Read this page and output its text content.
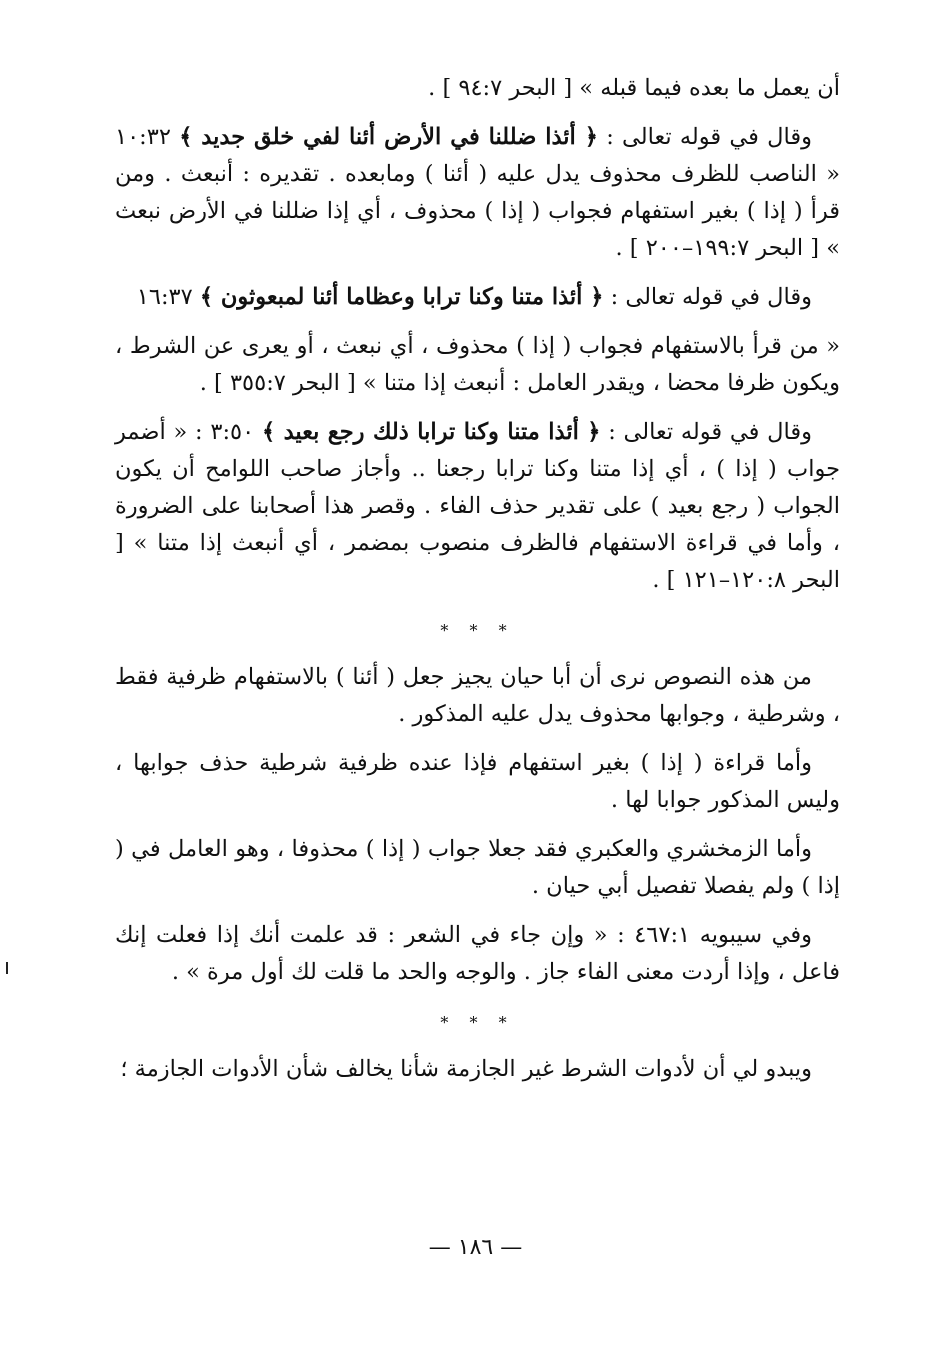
أن يعمل ما بعده فيما قبله » [ البحر ٩٤:٧ ] .

وقال في قوله تعالى : ﴿ أئذا ضللنا في الأرض أئنا لفي خلق جديد ﴾ ١٠:٣٢ « الناصب للظرف محذوف يدل عليه ( أئنا ) ومابعده . تقديره : أنبعث . ومن قرأ ( إذا ) بغير استفهام فجواب ( إذا ) محذوف ، أي إذا ضللنا في الأرض نبعث » [ البحر ١٩٩:٧–٢٠٠ ] .

وقال في قوله تعالى : ﴿ أئذا متنا وكنا ترابا وعظاما أئنا لمبعوثون ﴾ ١٦:٣٧

« من قرأ بالاستفهام فجواب ( إذا ) محذوف ، أي نبعث ، أو يعرى عن الشرط ، ويكون ظرفا محضا ، ويقدر العامل : أنبعث إذا متنا » [ البحر ٣٥٥:٧ ] .

وقال في قوله تعالى : ﴿ أئذا متنا وكنا ترابا ذلك رجع بعيد ﴾ ٣:٥٠ : « أضمر جواب ( إذا ) ، أي إذا متنا وكنا ترابا رجعنا .. وأجاز صاحب اللوامح أن يكون الجواب ( رجع بعيد ) على تقدير حذف الفاء . وقصر هذا أصحابنا على الضرورة ، وأما في قراءة الاستفهام فالظرف منصوب بمضمر ، أي أنبعث إذا متنا » [ البحر ١٢٠:٨–١٢١ ] .

* * *

من هذه النصوص نرى أن أبا حيان يجيز جعل ( أئنا ) بالاستفهام ظرفية فقط ، وشرطية ، وجوابها محذوف يدل عليه المذكور .

وأما قراءة ( إذا ) بغير استفهام فإذا عنده ظرفية شرطية حذف جوابها ، وليس المذكور جوابا لها .

وأما الزمخشري والعكبري فقد جعلا جواب ( إذا ) محذوفا ، وهو العامل في ( إذا ) ولم يفصلا تفصيل أبي حيان .

وفي سيبويه ٤٦٧:١ : « وإن جاء في الشعر : قد علمت أنك إذا فعلت إنك فاعل ، وإذا أردت معنى الفاء جاز . والوجه والحد ما قلت لك أول مرة » .

* * *

ويبدو لي أن لأدوات الشرط غير الجازمة شأنا يخالف شأن الأدوات الجازمة ؛

— ١٨٦ —
